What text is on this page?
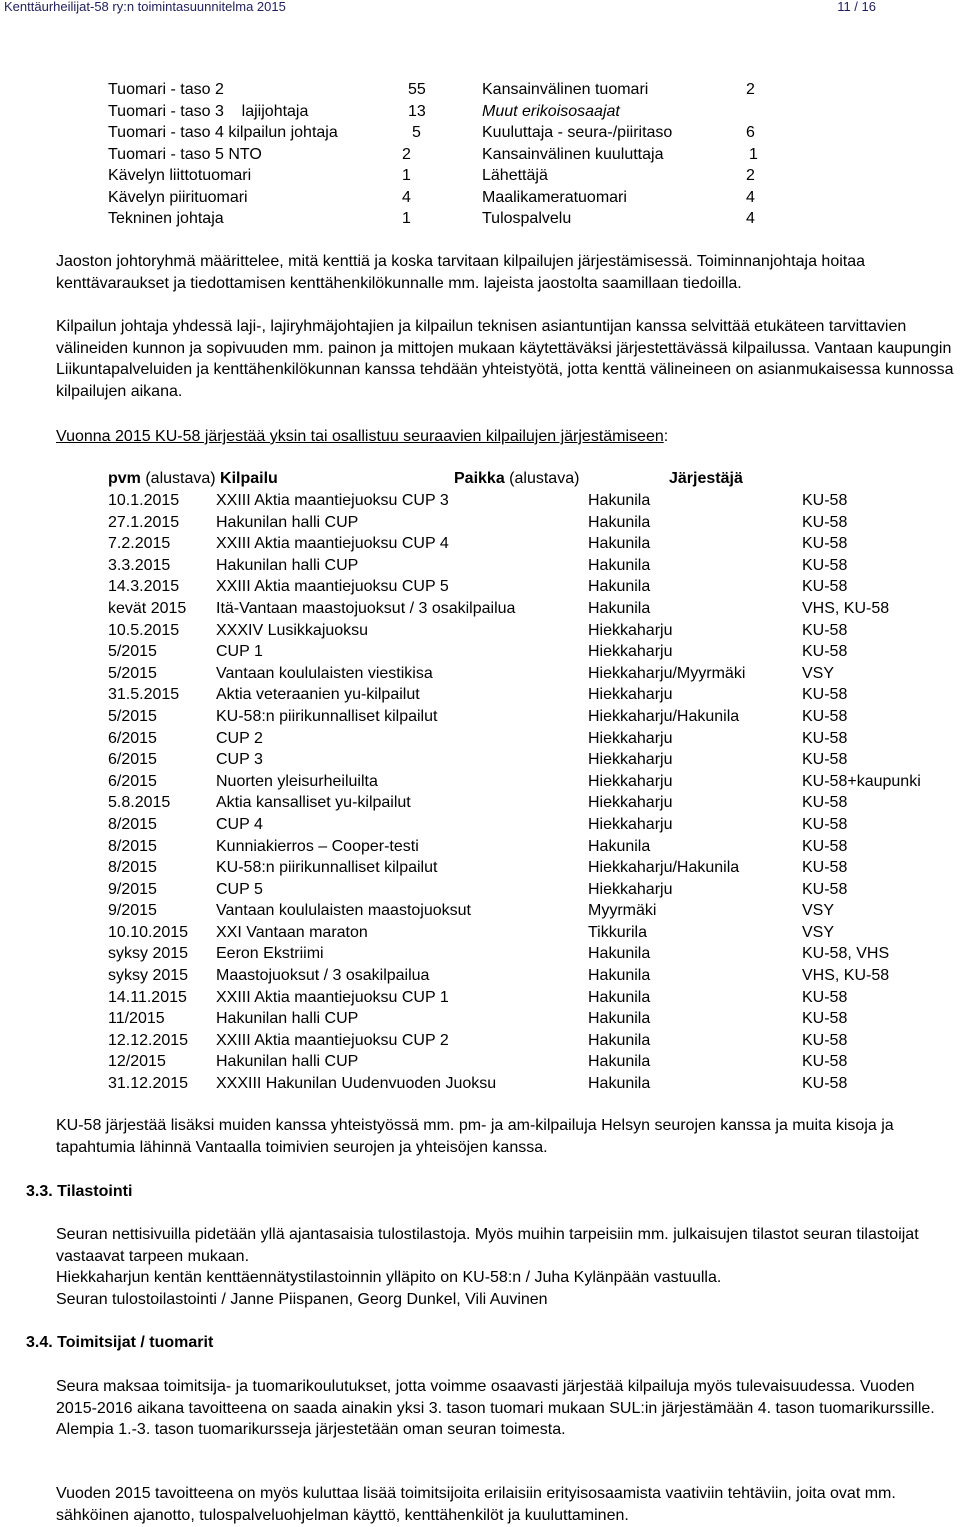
Kenttäurheilijat-58 ry:n toimintasuunnitelma 2015	11 / 16
Tuomari - taso 2	55	Kansainvälinen tuomari	2
Tuomari - taso 3    lajijohtaja	13	Muut erikoisosaajat
Tuomari - taso 4 kilpailun johtaja	5	Kuuluttaja - seura-/piiritaso	6
Tuomari - taso 5 NTO	2	Kansainvälinen kuuluttaja	1
Kävelyn liittotuomari	1	Lähettäjä	2
Kävelyn piirituomari	4	Maalikameratuomari	4
Tekninen johtaja	1	Tulospalvelu	4
Jaoston johtoryhmä määrittelee, mitä kenttiä ja koska tarvitaan kilpailujen järjestämisessä. Toiminnanjohtaja hoitaa kenttävaraukset ja tiedottamisen kenttähenkilökunnalle mm. lajeista jaostolta saamillaan tiedoilla.
Kilpailun johtaja yhdessä laji-, lajiryhmäjohtajien ja kilpailun teknisen asiantuntijan kanssa selvittää etukäteen tarvittavien välineiden kunnon ja sopivuuden mm. painon ja mittojen mukaan käytettäväksi järjestettävässä kilpailussa. Vantaan kaupungin Liikuntapalveluiden ja kenttähenkilökunnan kanssa tehdään yhteistyötä, jotta kenttä välineineen on asianmukaisessa kunnossa kilpailujen aikana.
Vuonna 2015 KU-58 järjestää yksin tai osallistuu seuraavien kilpailujen järjestämiseen:
pvm (alustava) Kilpailu	Paikka (alustava)	Järjestäjä
10.1.2015 XXIII Aktia maantiejuoksu CUP 3	Hakunila	KU-58
27.1.2015 Hakunilan halli CUP	Hakunila	KU-58
7.2.2015	XXIII Aktia maantiejuoksu CUP 4	Hakunila	KU-58
3.3.2015	Hakunilan halli CUP	Hakunila	KU-58
14.3.2015 XXIII Aktia maantiejuoksu CUP 5	Hakunila	KU-58
kevät 2015 Itä-Vantaan maastojuoksut / 3 osakilpailua	Hakunila	VHS, KU-58
10.5.2015 XXXIV Lusikkajuoksu	Hiekkaharju	KU-58
5/2015	CUP 1	Hiekkaharju	KU-58
5/2015	Vantaan koululaisten viestikisa	Hiekkaharju/Myyrmäki	VSY
31.5.2015 Aktia veteraanien yu-kilpailut	Hiekkaharju	KU-58
5/2015	KU-58:n piirikunnalliset kilpailut	Hiekkaharju/Hakunila	KU-58
6/2015	CUP 2	Hiekkaharju	KU-58
6/2015	CUP 3	Hiekkaharju	KU-58
6/2015	Nuorten yleisurheiluilta	Hiekkaharju	KU-58+kaupunki
5.8.2015	Aktia kansalliset yu-kilpailut	Hiekkaharju	KU-58
8/2015	CUP 4	Hiekkaharju	KU-58
8/2015	Kunniakierros – Cooper-testi	Hakunila	KU-58
8/2015	KU-58:n piirikunnalliset kilpailut	Hiekkaharju/Hakunila	KU-58
9/2015	CUP 5	Hiekkaharju	KU-58
9/2015	Vantaan koululaisten maastojuoksut	Myyrmäki	VSY
10.10.2015 XXI Vantaan maraton	Tikkurila	VSY
syksy 2015 Eeron Ekstriimi	Hakunila	KU-58, VHS
syksy 2015 Maastojuoksut / 3 osakilpailua	Hakunila	VHS, KU-58
14.11.2015 XXIII Aktia maantiejuoksu CUP 1	Hakunila	KU-58
11/2015	Hakunilan halli CUP	Hakunila	KU-58
12.12.2015 XXIII Aktia maantiejuoksu CUP 2	Hakunila	KU-58
12/2015	Hakunilan halli CUP	Hakunila	KU-58
31.12.2015 XXXIII Hakunilan Uudenvuoden Juoksu	Hakunila	KU-58
KU-58 järjestää lisäksi muiden kanssa yhteistyössä mm. pm- ja am-kilpailuja Helsyn seurojen kanssa ja muita kisoja ja tapahtumia lähinnä Vantaalla toimivien seurojen ja yhteisöjen kanssa.
3.3. Tilastointi
Seuran nettisivuilla pidetään yllä ajantasaisia tulostilastoja. Myös muihin tarpeisiin mm. julkaisujen tilastot seuran tilastoijat vastaavat tarpeen mukaan.
Hiekkaharjun kentän kenttäennätystilastoinnin ylläpito on KU-58:n / Juha Kylänpään vastuulla.
Seuran tulostoilastointi / Janne Piispanen, Georg Dunkel, Vili Auvinen
3.4. Toimitsijat / tuomarit
Seura maksaa toimitsija- ja tuomarikoulutukset, jotta voimme osaavasti järjestää kilpailuja myös tulevaisuudessa. Vuoden 2015-2016 aikana tavoitteena on saada ainakin yksi 3. tason tuomari mukaan SUL:in järjestämään 4. tason tuomarikurssille. Alempia 1.-3. tason tuomarikursseja järjestetään oman seuran toimesta.
Vuoden 2015 tavoitteena on myös kuluttaa lisää toimitsijoita erilaisiin erityisosaamista vaativiin tehtäviin, joita ovat mm. sähköinen ajanotto, tulospalveluohjelman käyttö, kenttähenkilöt ja kuuluttaminen.
